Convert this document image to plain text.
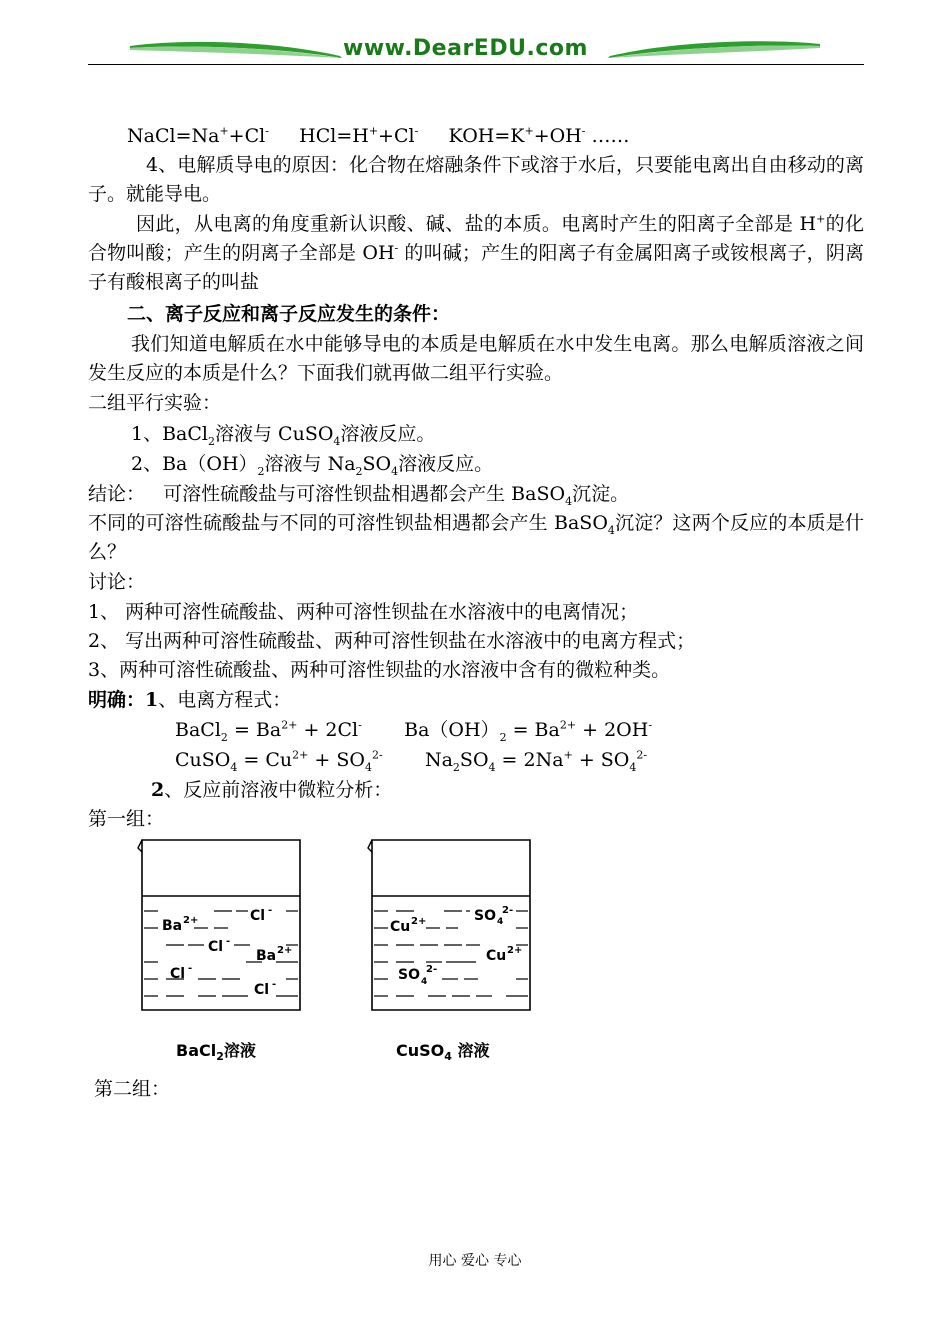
www.DearEDU.com
NaCl=Na++Cl- HCl=H++Cl- KOH=K++OH- ……
4、电解质导电的原因：化合物在熔融条件下或溶于水后，只要能电离出自由移动的离子。就能导电。
因此，从电离的角度重新认识酸、碱、盐的本质。电离时产生的阳离子全部是 H+的化合物叫酸；产生的阴离子全部是 OH- 的叫碱；产生的阳离子有金属阳离子或铵根离子，阴离子有酸根离子的叫盐
二、离子反应和离子反应发生的条件：
我们知道电解质在水中能够导电的本质是电解质在水中发生电离。那么电解质溶液之间发生反应的本质是什么？下面我们就再做二组平行实验。
二组平行实验：
1、BaCl$_2$溶液与 CuSO$_4$溶液反应。
2、$Ba(OH)_2$溶液与 $Na_2SO_4$溶液反应。
结论： 可溶性硫酸盐与可溶性钡盐相遇都会产生 BaSO$_4$沉淀。
不同的可溶性硫酸盐与不同的可溶性钡盐相遇都会产生 BaSO$_4$沉淀？这两个反应的本质是什么？
讨论：
1、 两种可溶性硫酸盐、两种可溶性钡盐在水溶液中的电离情况；
2、 写出两种可溶性硫酸盐、两种可溶性钡盐在水溶液中的电离方程式；
3、两种可溶性硫酸盐、两种可溶性钡盐的水溶液中含有的微粒种类。
明确：1、电离方程式：
BaCl$_2$ = $Ba^{2+} + 2Cl^-$ $Ba(OH)_2 = Ba^{2+} + 2OH^-$
CuSO$_4$ = $Cu^{2+} + SO_4^{2-}$ $Na_2SO_4 = 2Na^+ + SO_4^{2-}$
2、反应前溶液中微粒分析：
第一组：
Ba 2+	Cl -
Cl -
Ba 2+
Cl -
Cl -
BaCl$_2$溶液
Cu 2+	SO 4
2-
Cu 2+
SO 4
2-
CuSO$_4$ 溶液
第二组：
用心 爱心 专心
